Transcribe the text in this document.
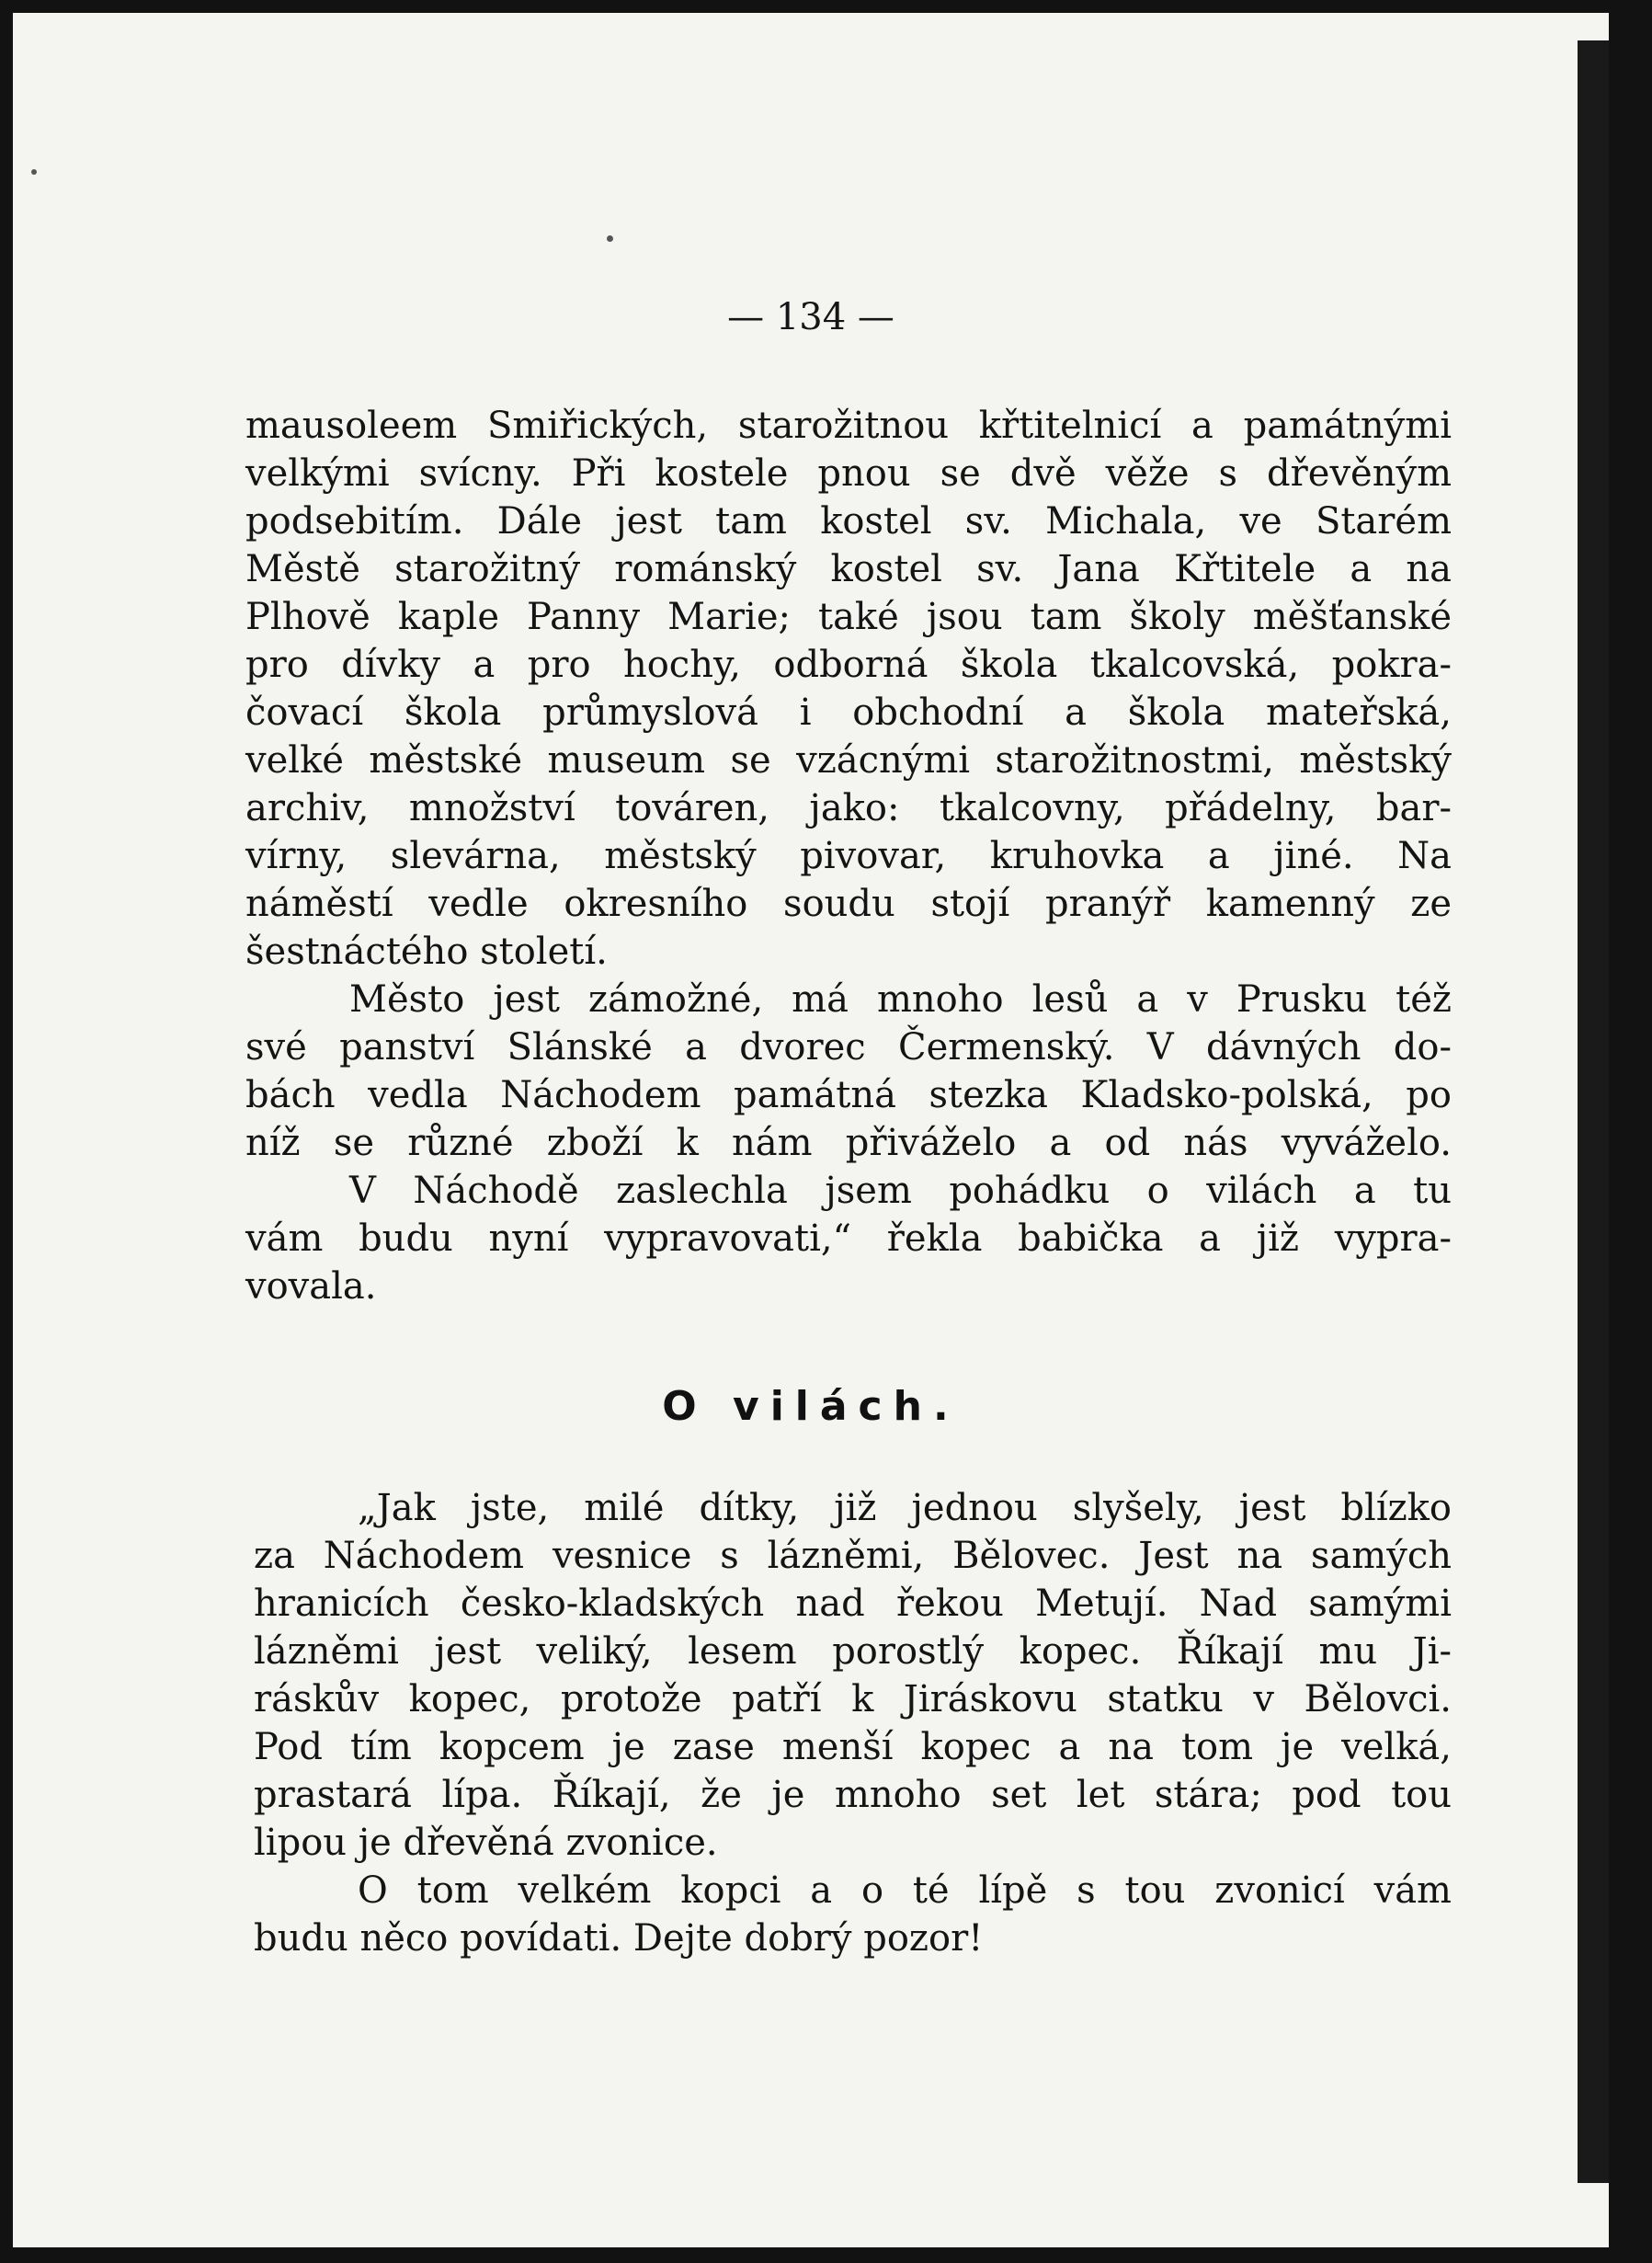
— 134 —

mausoleem Smiřických, starožitnou křtitelnicí a památnými

velkými svícny. Při kostele pnou se dvě věže s dřevěným

podsebitím. Dále jest tam kostel sv. Michala, ve Starém

Městě starožitný románský kostel sv. Jana Křtitele a na

Plhově kaple Panny Marie; také jsou tam školy měšťanské

pro dívky a pro hochy, odborná škola tkalcovská, pokra-

čovací škola průmyslová i obchodní a škola mateřská,

velké městské museum se vzácnými starožitnostmi, městský

archiv, množství továren, jako: tkalcovny, přádelny, bar-

vírny, slevárna, městský pivovar, kruhovka a jiné. Na

náměstí vedle okresního soudu stojí pranýř kamenný ze

šestnáctého století.

Město jest zámožné, má mnoho lesů a v Prusku též

své panství Slánské a dvorec Čermenský. V dávných do-

bách vedla Náchodem památná stezka Kladsko-polská, po

níž se různé zboží k nám přiváželo a od nás vyváželo.

V Náchodě zaslechla jsem pohádku o vilách a tu

vám budu nyní vypravovati,“ řekla babička a již vypra-

vovala.

O vilách.

„Jak jste, milé dítky, již jednou slyšely, jest blízko

za Náchodem vesnice s lázněmi, Bělovec. Jest na samých

hranicích česko-kladských nad řekou Metují. Nad samými

lázněmi jest veliký, lesem porostlý kopec. Říkají mu Ji-

ráskův kopec, protože patří k Jiráskovu statku v Bělovci.

Pod tím kopcem je zase menší kopec a na tom je velká,

prastará lípa. Říkají, že je mnoho set let stára; pod tou

lipou je dřevěná zvonice.

O tom velkém kopci a o té lípě s tou zvonicí vám

budu něco povídati. Dejte dobrý pozor!
